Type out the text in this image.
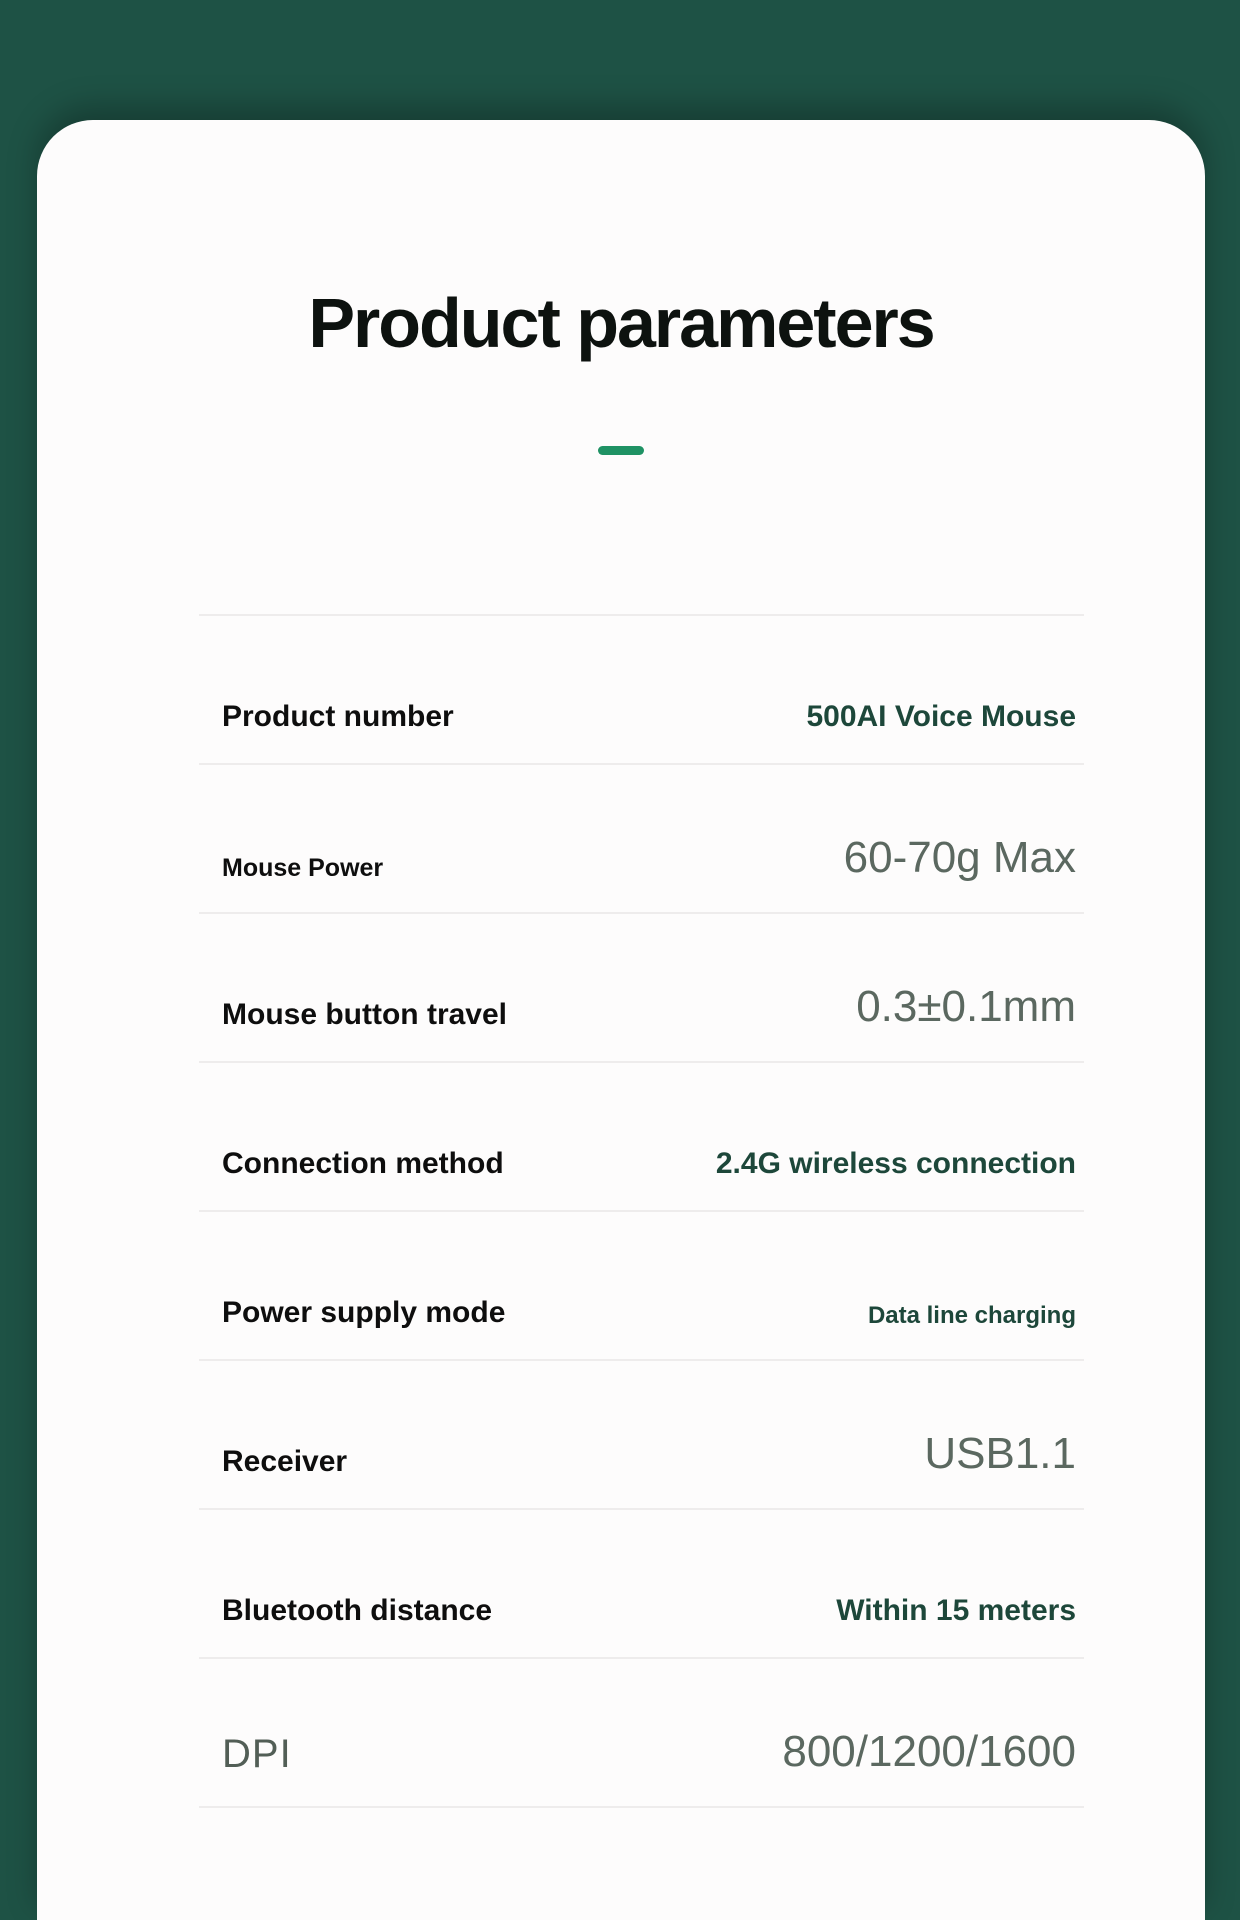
Product parameters
Product number	500AI Voice Mouse
Mouse Power	60-70g Max
Mouse button travel	0.3±0.1mm
Connection method	2.4G wireless connection
Power supply mode	Data line charging
Receiver	USB1.1
Bluetooth distance	Within 15 meters
DPI	800/1200/1600
